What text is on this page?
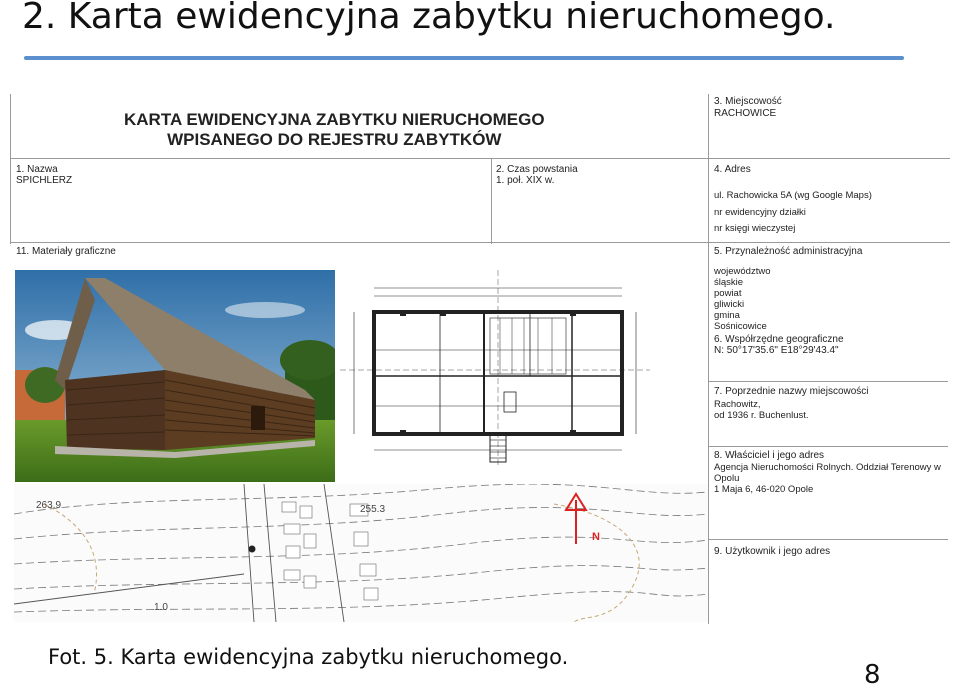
2. Karta ewidencyjna zabytku nieruchomego.
KARTA EWIDENCYJNA ZABYTKU NIERUCHOMEGO
WPISANEGO DO REJESTRU ZABYTKÓW
3. Miejscowość
RACHOWICE
1. Nazwa
SPICHLERZ
2. Czas powstania
1. poł. XIX w.
4. Adres
ul. Rachowicka 5A (wg Google Maps)
nr ewidencyjny działki
nr księgi wieczystej
11. Materiały graficzne	5. Przynależność administracyjna
województwo
śląskie
powiat
gliwicki
gmina
Sośnicowice
6. Współrzędne geograficzne
N: 50°17'35.6" E18°29'43.4"
7. Poprzednie nazwy miejscowości
Rachowitz,
od 1936 r. Buchenlust.
8. Właściciel i jego adres
Agencja Nieruchomości Rolnych. Oddział Terenowy w
Opolu
1 Maja 6, 46-020 Opole
9. Użytkownik i jego adres
263.9	255.3
1.0
N
Fot. 5. Karta ewidencyjna zabytku nieruchomego.
8
